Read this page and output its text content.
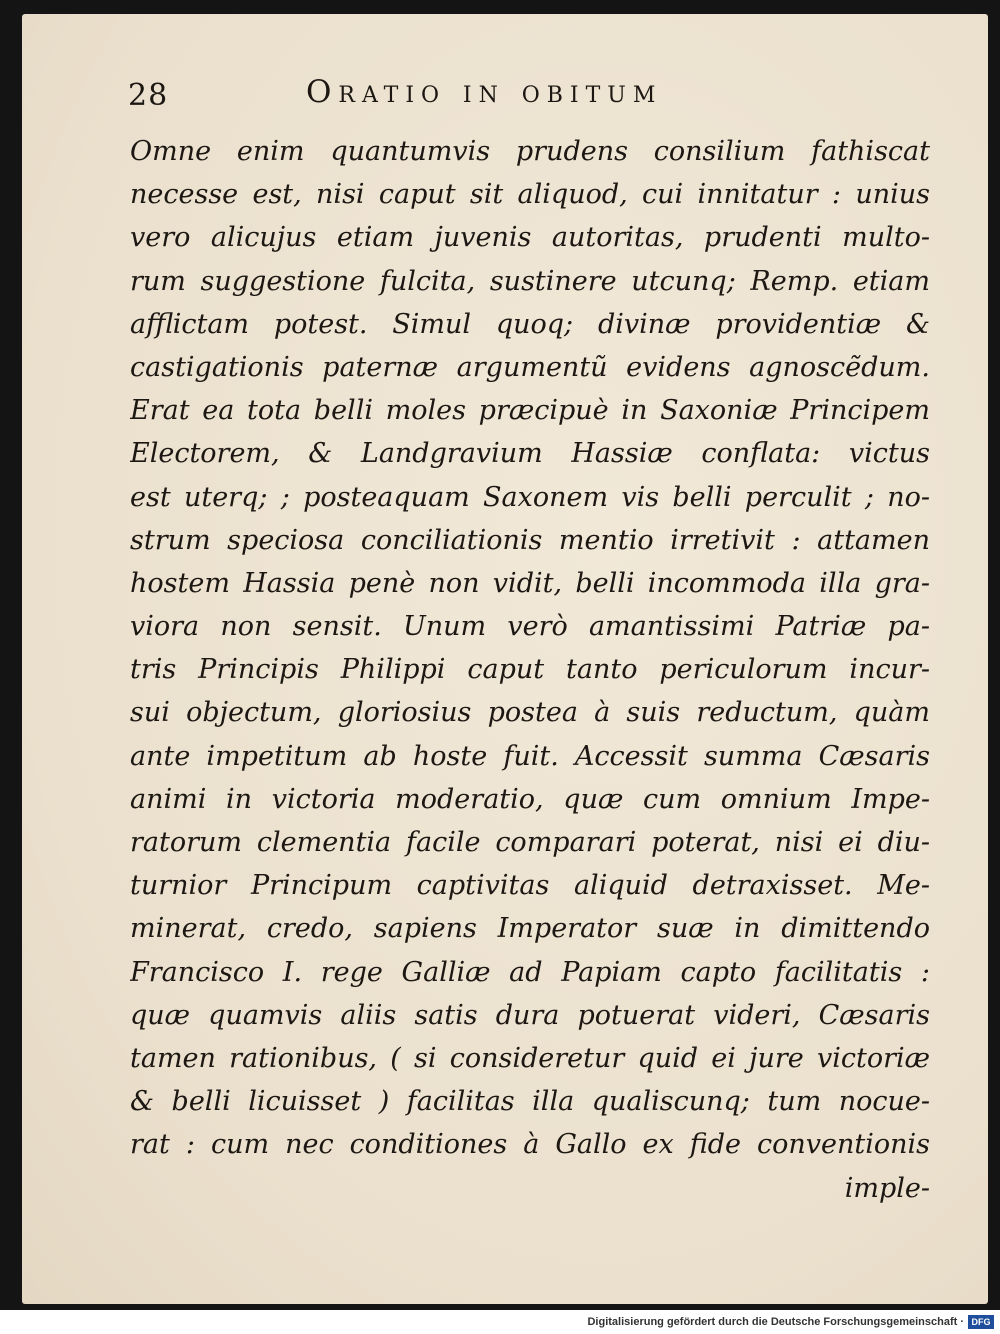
28	Oratio in obitum
Omne enim quantumvis prudens consilium fathiscat
necesse est, nisi caput sit aliquod, cui innitatur : unius
vero alicujus etiam juvenis autoritas, prudenti multo-
rum suggestione fulcita, sustinere utcunq; Remp. etiam
afflictam potest. Simul quoq; divinæ providentiæ &
castigationis paternæ argumentũ evidens agnoscẽdum.
Erat ea tota belli moles præcipuè in Saxoniæ Principem
Electorem, & Landgravium Hassiæ conflata: victus
est uterq; ; posteaquam Saxonem vis belli perculit ; no-
strum speciosa conciliationis mentio irretivit : attamen
hostem Hassia penè non vidit, belli incommoda illa gra-
viora non sensit. Unum verò amantissimi Patriæ pa-
tris Principis Philippi caput tanto periculorum incur-
sui objectum, gloriosius postea à suis reductum, quàm
ante impetitum ab hoste fuit. Accessit summa Cæsaris
animi in victoria moderatio, quæ cum omnium Impe-
ratorum clementia facile comparari poterat, nisi ei diu-
turnior Principum captivitas aliquid detraxisset. Me-
minerat, credo, sapiens Imperator suæ in dimittendo
Francisco I. rege Galliæ ad Papiam capto facilitatis :
quæ quamvis aliis satis dura potuerat videri, Cæsaris
tamen rationibus, ( si consideretur quid ei jure victoriæ
& belli licuisset ) facilitas illa qualiscunq; tum nocue-
rat : cum nec conditiones à Gallo ex fide conventionis
imple-
Digitalisierung gefördert durch die Deutsche Forschungsgemeinschaft · DFG
